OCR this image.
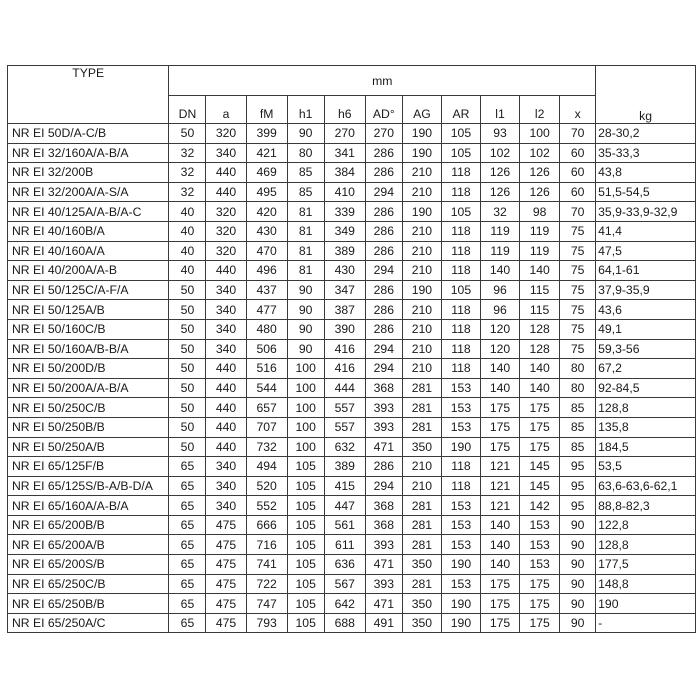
TYPE	mm											kg
	DN	a	fM	h1	h6	AD°	AG	AR	l1	l2	x	
NR EI 50D/A-C/B	50	320	399	90	270	270	190	105	93	100	70	28-30,2
NR EI 32/160A/A-B/A	32	340	421	80	341	286	190	105	102	102	60	35-33,3
NR EI 32/200B	32	440	469	85	384	286	210	118	126	126	60	43,8
NR EI 32/200A/A-S/A	32	440	495	85	410	294	210	118	126	126	60	51,5-54,5
NR EI 40/125A/A-B/A-C	40	320	420	81	339	286	190	105	32	98	70	35,9-33,9-32,9
NR EI 40/160B/A	40	320	430	81	349	286	210	118	119	119	75	41,4
NR EI 40/160A/A	40	320	470	81	389	286	210	118	119	119	75	47,5
NR EI 40/200A/A-B	40	440	496	81	430	294	210	118	140	140	75	64,1-61
NR EI 50/125C/A-F/A	50	340	437	90	347	286	190	105	96	115	75	37,9-35,9
NR EI 50/125A/B	50	340	477	90	387	286	210	118	96	115	75	43,6
NR EI 50/160C/B	50	340	480	90	390	286	210	118	120	128	75	49,1
NR EI 50/160A/B-B/A	50	340	506	90	416	294	210	118	120	128	75	59,3-56
NR EI 50/200D/B	50	440	516	100	416	294	210	118	140	140	80	67,2
NR EI 50/200A/A-B/A	50	440	544	100	444	368	281	153	140	140	80	92-84,5
NR EI 50/250C/B	50	440	657	100	557	393	281	153	175	175	85	128,8
NR EI 50/250B/B	50	440	707	100	557	393	281	153	175	175	85	135,8
NR EI 50/250A/B	50	440	732	100	632	471	350	190	175	175	85	184,5
NR EI 65/125F/B	65	340	494	105	389	286	210	118	121	145	95	53,5
NR EI 65/125S/B-A/B-D/A	65	340	520	105	415	294	210	118	121	145	95	63,6-63,6-62,1
NR EI 65/160A/A-B/A	65	340	552	105	447	368	281	153	121	142	95	88,8-82,3
NR EI 65/200B/B	65	475	666	105	561	368	281	153	140	153	90	122,8
NR EI 65/200A/B	65	475	716	105	611	393	281	153	140	153	90	128,8
NR EI 65/200S/B	65	475	741	105	636	471	350	190	140	153	90	177,5
NR EI 65/250C/B	65	475	722	105	567	393	281	153	175	175	90	148,8
NR EI 65/250B/B	65	475	747	105	642	471	350	190	175	175	90	190
NR EI 65/250A/C	65	475	793	105	688	491	350	190	175	175	90	-
